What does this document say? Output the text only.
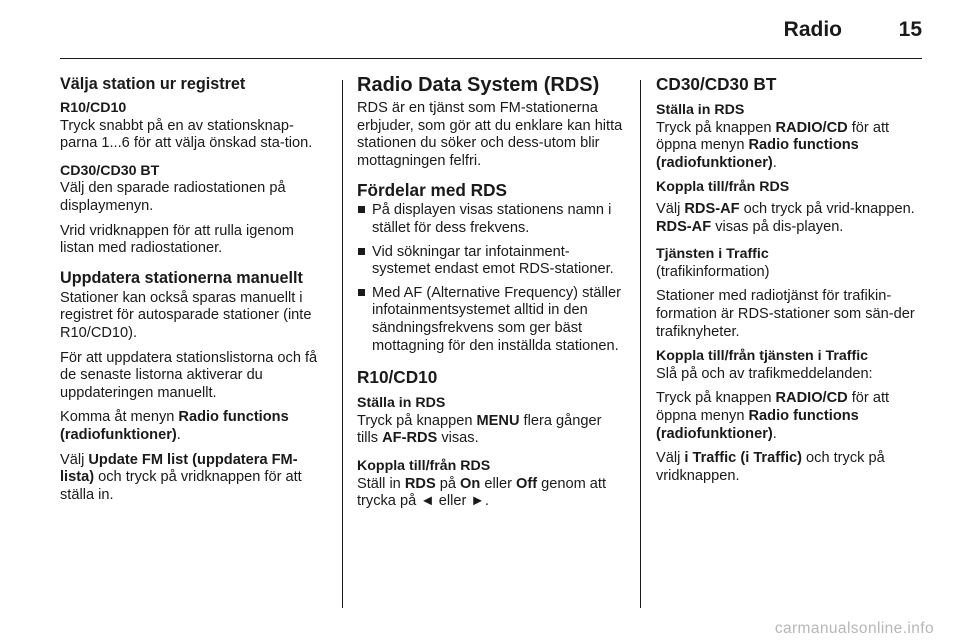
Radio	15
Välja station ur registret
R10/CD10

Tryck snabbt på en av stationsknap-parna 1...6 för att välja önskad sta-tion.

CD30/CD30 BT

Välj den sparade radiostationen på displaymenyn.

Vrid vridknappen för att rulla igenom listan med radiostationer.

Uppdatera stationerna manuellt

Stationer kan också sparas manuellt i registret för autosparade stationer (inte R10/CD10).

För att uppdatera stationslistorna och få de senaste listorna aktiverar du uppdateringen manuellt.

Komma åt menyn Radio functions (radiofunktioner).

Välj Update FM list (uppdatera FM-lista) och tryck på vridknappen för att ställa in.

Radio Data System (RDS)

RDS är en tjänst som FM-stationerna erbjuder, som gör att du enklare kan hitta stationen du söker och dess-utom blir mottagningen felfri.

Fördelar med RDS
På displayen visas stationens namn i stället för dess frekvens.
Vid sökningar tar infotainment-systemet endast emot RDS-stationer.
Med AF (Alternative Frequency) ställer infotainmentsystemet alltid in den sändningsfrekvens som ger bäst mottagning för den inställda stationen.
R10/CD10
Ställa in RDS

Tryck på knappen MENU flera gånger tills AF-RDS visas.

Koppla till/från RDS

Ställ in RDS på On eller Off genom att trycka på ◄ eller ►.

CD30/CD30 BT
Ställa in RDS

Tryck på knappen RADIO/CD för att öppna menyn Radio functions (radiofunktioner).

Koppla till/från RDS

Välj RDS-AF och tryck på vrid-knappen. RDS-AF visas på dis-playen.

Tjänsten i Traffic

(trafikinformation)

Stationer med radiotjänst för trafikin-formation är RDS-stationer som sän-der trafiknyheter.

Koppla till/från tjänsten i Traffic

Slå på och av trafikmeddelanden:

Tryck på knappen RADIO/CD för att öppna menyn Radio functions (radiofunktioner).

Välj i Traffic (i Traffic) och tryck på vridknappen.

carmanualsonline.info
